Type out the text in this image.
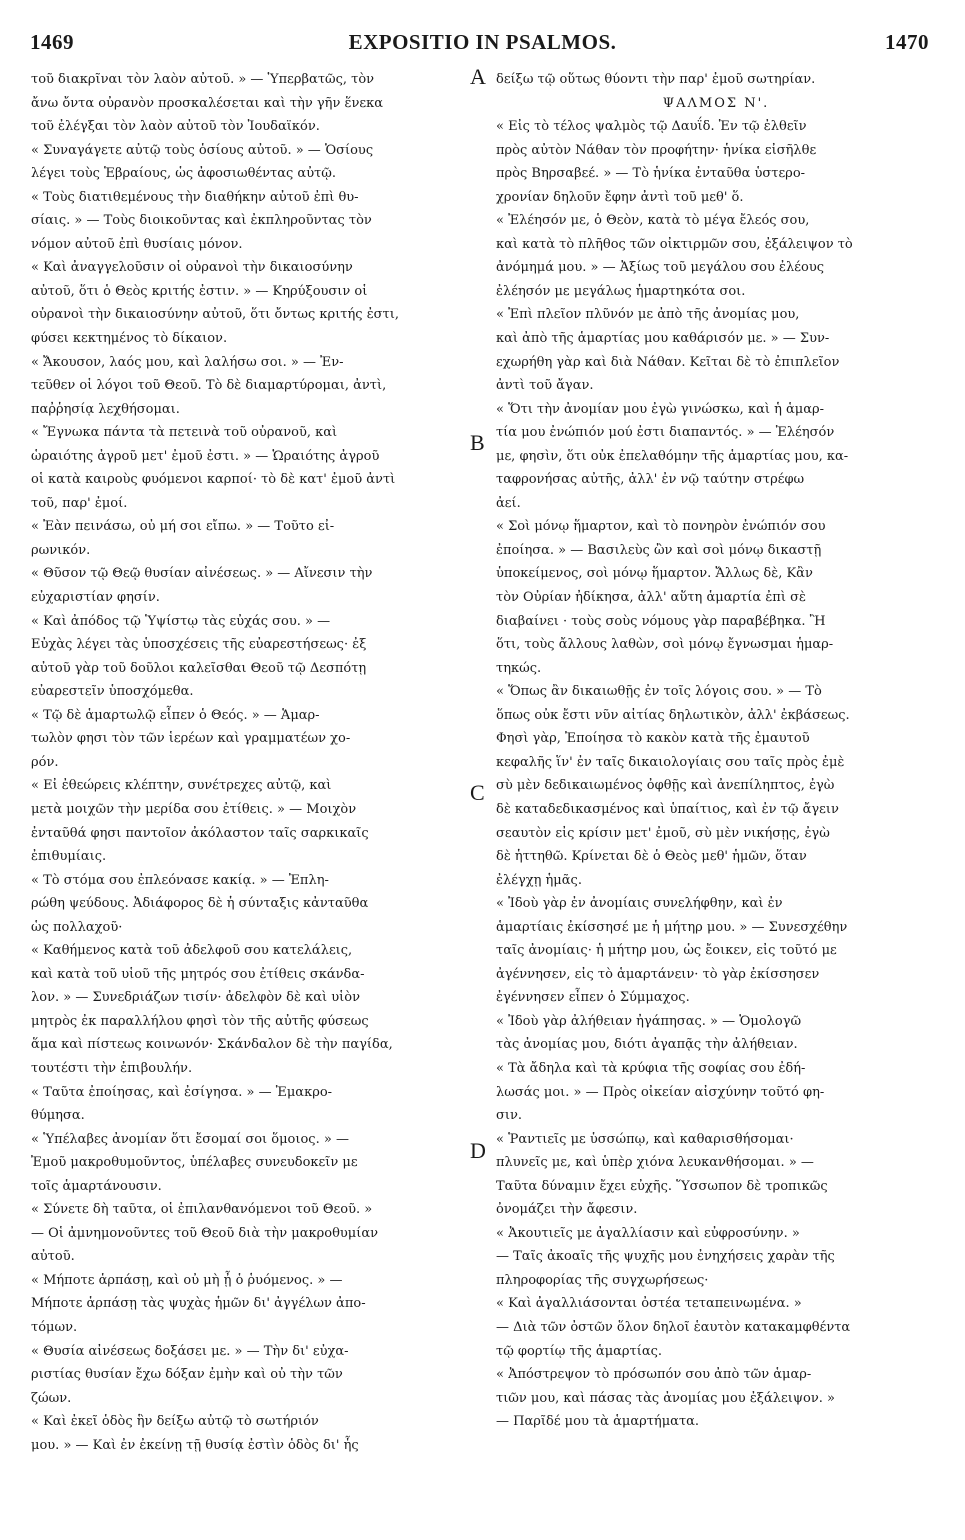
1469	EXPOSITIO IN PSALMOS.	1470
τοῦ διακρῖναι τὸν λαὸν αὐτοῦ. » — Ὑπερβατῶς, τὸν
ἄνω ὄντα οὐρανὸν προσκαλέσεται καὶ τὴν γῆν ἕνεκα
τοῦ ἐλέγξαι τὸν λαὸν αὐτοῦ τὸν Ἰουδαϊκόν.
« Συναγάγετε αὐτῷ τοὺς ὁσίους αὐτοῦ. » — Ὁσίους
λέγει τοὺς Ἑβραίους, ὡς ἀφοσιωθέντας αὐτῷ.
« Τοὺς διατιθεμένους τὴν διαθήκην αὐτοῦ ἐπὶ θυ-
σίαις. » — Τοὺς διοικοῦντας καὶ ἐκπληροῦντας τὸν
νόμον αὐτοῦ ἐπὶ θυσίαις μόνον.
« Καὶ ἀναγγελοῦσιν οἱ οὐρανοὶ τὴν δικαιοσύνην
αὐτοῦ, ὅτι ὁ Θεὸς κριτής ἐστιν. » — Κηρύξουσιν οἱ
οὐρανοὶ τὴν δικαιοσύνην αὐτοῦ, ὅτι ὄντως κριτής ἐστι,
φύσει κεκτημένος τὸ δίκαιον.
« Ἄκουσον, λαός μου, καὶ λαλήσω σοι. » — Ἐν-
τεῦθεν οἱ λόγοι τοῦ Θεοῦ. Τὸ δὲ διαμαρτύρομαι, ἀντὶ,
παῤῥησίᾳ λεχθήσομαι.
« Ἔγνωκα πάντα τὰ πετεινὰ τοῦ οὐρανοῦ, καὶ
ὡραιότης ἀγροῦ μετ' ἐμοῦ ἐστι. » — Ὡραιότης ἀγροῦ
οἱ κατὰ καιροὺς φυόμενοι καρποί· τὸ δὲ κατ' ἐμοῦ ἀντὶ
τοῦ, παρ' ἐμοί.
« Ἐὰν πεινάσω, οὐ μή σοι εἴπω. » — Τοῦτο εἰ-
ρωνικόν.
« Θῦσον τῷ Θεῷ θυσίαν αἰνέσεως. » — Αἴνεσιν τὴν
εὐχαριστίαν φησίν.
« Καὶ ἀπόδος τῷ Ὑψίστῳ τὰς εὐχάς σου. » —
Εὐχὰς λέγει τὰς ὑποσχέσεις τῆς εὐαρεστήσεως· ἐξ
αὐτοῦ γὰρ τοῦ δοῦλοι καλεῖσθαι Θεοῦ τῷ Δεσπότῃ
εὐαρεστεῖν ὑποσχόμεθα.
« Τῷ δὲ ἁμαρτωλῷ εἶπεν ὁ Θεός. » — Ἁμαρ-
τωλὸν φησι τὸν τῶν ἱερέων καὶ γραμματέων χο-
ρόν.
« Εἰ ἐθεώρεις κλέπτην, συνέτρεχες αὐτῷ, καὶ
μετὰ μοιχῶν τὴν μερίδα σου ἐτίθεις. » — Μοιχὸν
ἐνταῦθά φησι παντοῖον ἀκόλαστον ταῖς σαρκικαῖς
ἐπιθυμίαις.
« Τὸ στόμα σου ἐπλεόνασε κακίᾳ. » — Ἐπλη-
ρώθη ψεύδους. Ἀδιάφορος δὲ ἡ σύνταξις κἀνταῦθα
ὡς πολλαχοῦ·
« Καθήμενος κατὰ τοῦ ἀδελφοῦ σου κατελάλεις,
καὶ κατὰ τοῦ υἱοῦ τῆς μητρός σου ἐτίθεις σκάνδα-
λον. » — Συνεδριάζων τισίν· ἀδελφὸν δὲ καὶ υἱὸν
μητρὸς ἐκ παραλλήλου φησὶ τὸν τῆς αὐτῆς φύσεως
ἅμα καὶ πίστεως κοινωνόν· Σκάνδαλον δὲ τὴν παγίδα,
τουτέστι τὴν ἐπιβουλήν.
« Ταῦτα ἐποίησας, καὶ ἐσίγησα. » — Ἐμακρο-
θύμησα.
« Ὑπέλαβες ἀνομίαν ὅτι ἔσομαί σοι ὅμοιος. » —
Ἐμοῦ μακροθυμοῦντος, ὑπέλαβες συνευδοκεῖν με
τοῖς ἁμαρτάνουσιν.
« Σύνετε δὴ ταῦτα, οἱ ἐπιλανθανόμενοι τοῦ Θεοῦ. »
— Οἱ ἀμνημονοῦντες τοῦ Θεοῦ διὰ τὴν μακροθυμίαν
αὐτοῦ.
« Μήποτε ἁρπάσῃ, καὶ οὐ μὴ ᾖ ὁ ῥυόμενος. » —
Μήποτε ἁρπάσῃ τὰς ψυχὰς ἡμῶν δι' ἀγγέλων ἀπο-
τόμων.
« Θυσία αἰνέσεως δοξάσει με. » — Τὴν δι' εὐχα-
ριστίας θυσίαν ἔχω δόξαν ἐμὴν καὶ οὐ τὴν τῶν
ζώων.
« Καὶ ἐκεῖ ὁδὸς ἣν δείξω αὐτῷ τὸ σωτήριόν
μου. » — Καὶ ἐν ἐκείνῃ τῇ θυσίᾳ ἐστὶν ὁδὸς δι' ἧς
δείξω τῷ οὕτως θύοντι τὴν παρ' ἐμοῦ σωτηρίαν.
ΨΑΛΜΟΣ Ν'.
« Εἰς τὸ τέλος ψαλμὸς τῷ Δαυΐδ. Ἐν τῷ ἐλθεῖν
πρὸς αὐτὸν Νάθαν τὸν προφήτην· ἡνίκα εἰσῆλθε
πρὸς Βηρσαβεέ. » — Τὸ ἡνίκα ἐνταῦθα ὑστερο-
χρονίαν δηλοῦν ἔφην ἀντὶ τοῦ μεθ' ὅ.
« Ἐλέησόν με, ὁ Θεὸν, κατὰ τὸ μέγα ἔλεός σου,
καὶ κατὰ τὸ πλῆθος τῶν οἰκτιρμῶν σου, ἐξάλειψον τὸ
ἀνόμημά μου. » — Ἀξίως τοῦ μεγάλου σου ἐλέους
ἐλέησόν με μεγάλως ἡμαρτηκότα σοι.
« Ἐπὶ πλεῖον πλῦνόν με ἀπὸ τῆς ἀνομίας μου,
καὶ ἀπὸ τῆς ἁμαρτίας μου καθάρισόν με. » — Συν-
εχωρήθη γὰρ καὶ διὰ Νάθαν. Κεῖται δὲ τὸ ἐπιπλεῖον
ἀντὶ τοῦ ἄγαν.
« Ὅτι τὴν ἀνομίαν μου ἐγὼ γινώσκω, καὶ ἡ ἁμαρ-
τία μου ἐνώπιόν μού ἐστι διαπαντός. » — Ἐλέησόν
με, φησὶν, ὅτι οὐκ ἐπελαθόμην τῆς ἁμαρτίας μου, κα-
ταφρονήσας αὐτῆς, ἀλλ' ἐν νῷ ταύτην στρέφω
ἀεί.
« Σοὶ μόνῳ ἥμαρτον, καὶ τὸ πονηρὸν ἐνώπιόν σου
ἐποίησα. » — Βασιλεὺς ὢν καὶ σοὶ μόνῳ δικαστῇ
ὑποκείμενος, σοὶ μόνῳ ἥμαρτον. Ἄλλως δὲ, Κἂν
τὸν Οὐρίαν ἠδίκησα, ἀλλ' αὕτη ἁμαρτία ἐπὶ σὲ
διαβαίνει · τοὺς σοὺς νόμους γὰρ παραβέβηκα. Ἢ
ὅτι, τοὺς ἄλλους λαθὼν, σοὶ μόνῳ ἔγνωσμαι ἡμαρ-
τηκώς.
« Ὅπως ἂν δικαιωθῇς ἐν τοῖς λόγοις σου. » — Τὸ
ὅπως οὐκ ἔστι νῦν αἰτίας δηλωτικὸν, ἀλλ' ἐκβάσεως.
Φησὶ γὰρ, Ἐποίησα τὸ κακὸν κατὰ τῆς ἐμαυτοῦ
κεφαλῆς ἵν' ἐν ταῖς δικαιολογίαις σου ταῖς πρὸς ἐμὲ
σὺ μὲν δεδικαιωμένος ὀφθῇς καὶ ἀνεπίληπτος, ἐγὼ
δὲ καταδεδικασμένος καὶ ὑπαίτιος, καὶ ἐν τῷ ἄγειν
σεαυτὸν εἰς κρίσιν μετ' ἐμοῦ, σὺ μὲν νικήσῃς, ἐγὼ
δὲ ἡττηθῶ. Κρίνεται δὲ ὁ Θεὸς μεθ' ἡμῶν, ὅταν
ἐλέγχῃ ἡμᾶς.
« Ἰδοὺ γὰρ ἐν ἀνομίαις συνελήφθην, καὶ ἐν
ἁμαρτίαις ἐκίσσησέ με ἡ μήτηρ μου. » — Συνεσχέθην
ταῖς ἀνομίαις· ἡ μήτηρ μου, ὡς ἔοικεν, εἰς τοῦτό με
ἀγέννησεν, εἰς τὸ ἁμαρτάνειν· τὸ γὰρ ἐκίσσησεν
ἐγέννησεν εἶπεν ὁ Σύμμαχος.
« Ἰδοὺ γὰρ ἀλήθειαν ἠγάπησας. » — Ὁμολογῶ
τὰς ἀνομίας μου, διότι ἀγαπᾷς τὴν ἀλήθειαν.
« Τὰ ἄδηλα καὶ τὰ κρύφια τῆς σοφίας σου ἐδή-
λωσάς μοι. » — Πρὸς οἰκείαν αἰσχύνην τοῦτό φη-
σιν.
« Ῥαντιεῖς με ὑσσώπῳ, καὶ καθαρισθήσομαι·
πλυνεῖς με, καὶ ὑπὲρ χιόνα λευκανθήσομαι. » —
Ταῦτα δύναμιν ἔχει εὐχῆς. Ὕσσωπον δὲ τροπικῶς
ὀνομάζει τὴν ἄφεσιν.
« Ἀκουτιεῖς με ἀγαλλίασιν καὶ εὐφροσύνην. »
— Ταῖς ἀκοαῖς τῆς ψυχῆς μου ἐνηχήσεις χαρὰν τῆς
πληροφορίας τῆς συγχωρήσεως·
« Καὶ ἀγαλλιάσονται ὀστέα τεταπεινωμένα. »
— Διὰ τῶν ὀστῶν ὅλον δηλοῖ ἑαυτὸν κατακαμφθέντα
τῷ φορτίῳ τῆς ἁμαρτίας.
« Ἀπόστρεψον τὸ πρόσωπόν σου ἀπὸ τῶν ἁμαρ-
τιῶν μου, καὶ πάσας τὰς ἀνομίας μου ἐξάλειψον. »
— Παρῖδέ μου τὰ ἁμαρτήματα.
A
B
C
D
